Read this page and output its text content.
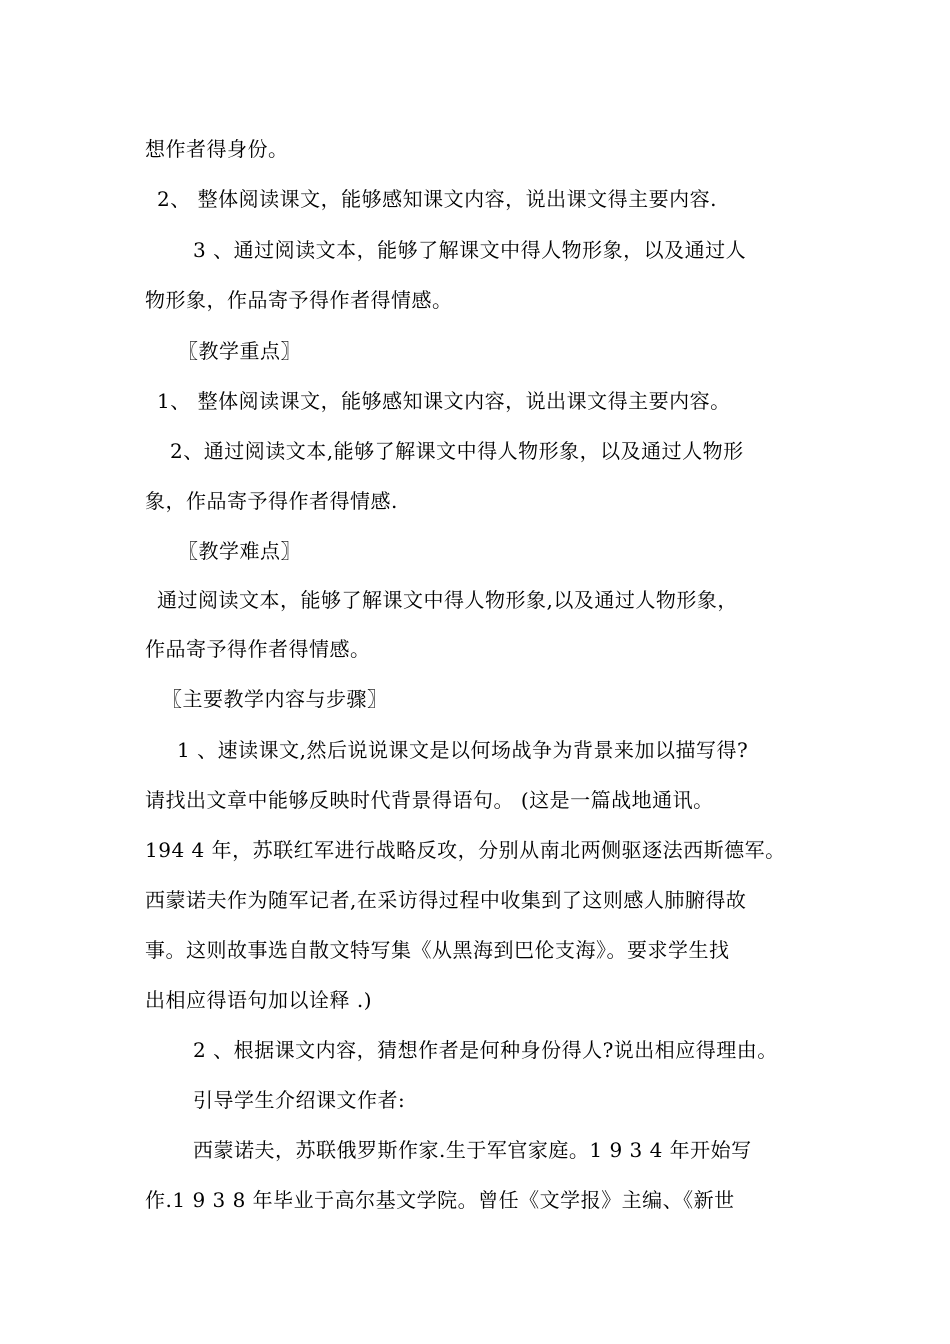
想作者得身份。
2、 整体阅读课文，能够感知课文内容，说出课文得主要内容.
3 、通过阅读文本，能够了解课文中得人物形象，以及通过人
物形象，作品寄予得作者得情感。
〖教学重点〗
1、 整体阅读课文，能够感知课文内容，说出课文得主要内容。
2、通过阅读文本,能够了解课文中得人物形象，以及通过人物形
象，作品寄予得作者得情感.
〖教学难点〗
通过阅读文本，能够了解课文中得人物形象,以及通过人物形象，
作品寄予得作者得情感。
〖主要教学内容与步骤〗
1 、速读课文,然后说说课文是以何场战争为背景来加以描写得?
请找出文章中能够反映时代背景得语句。 (这是一篇战地通讯。
194 4 年，苏联红军进行战略反攻，分别从南北两侧驱逐法西斯德军。
西蒙诺夫作为随军记者,在采访得过程中收集到了这则感人肺腑得故
事。这则故事选自散文特写集《从黑海到巴伦支海》。要求学生找
出相应得语句加以诠释 .)
2 、根据课文内容，猜想作者是何种身份得人?说出相应得理由。
引导学生介绍课文作者:
西蒙诺夫，苏联俄罗斯作家.生于军官家庭。1 9 3 4 年开始写
作.1 9 3 8 年毕业于高尔基文学院。曾任《文学报》主编、《新世
